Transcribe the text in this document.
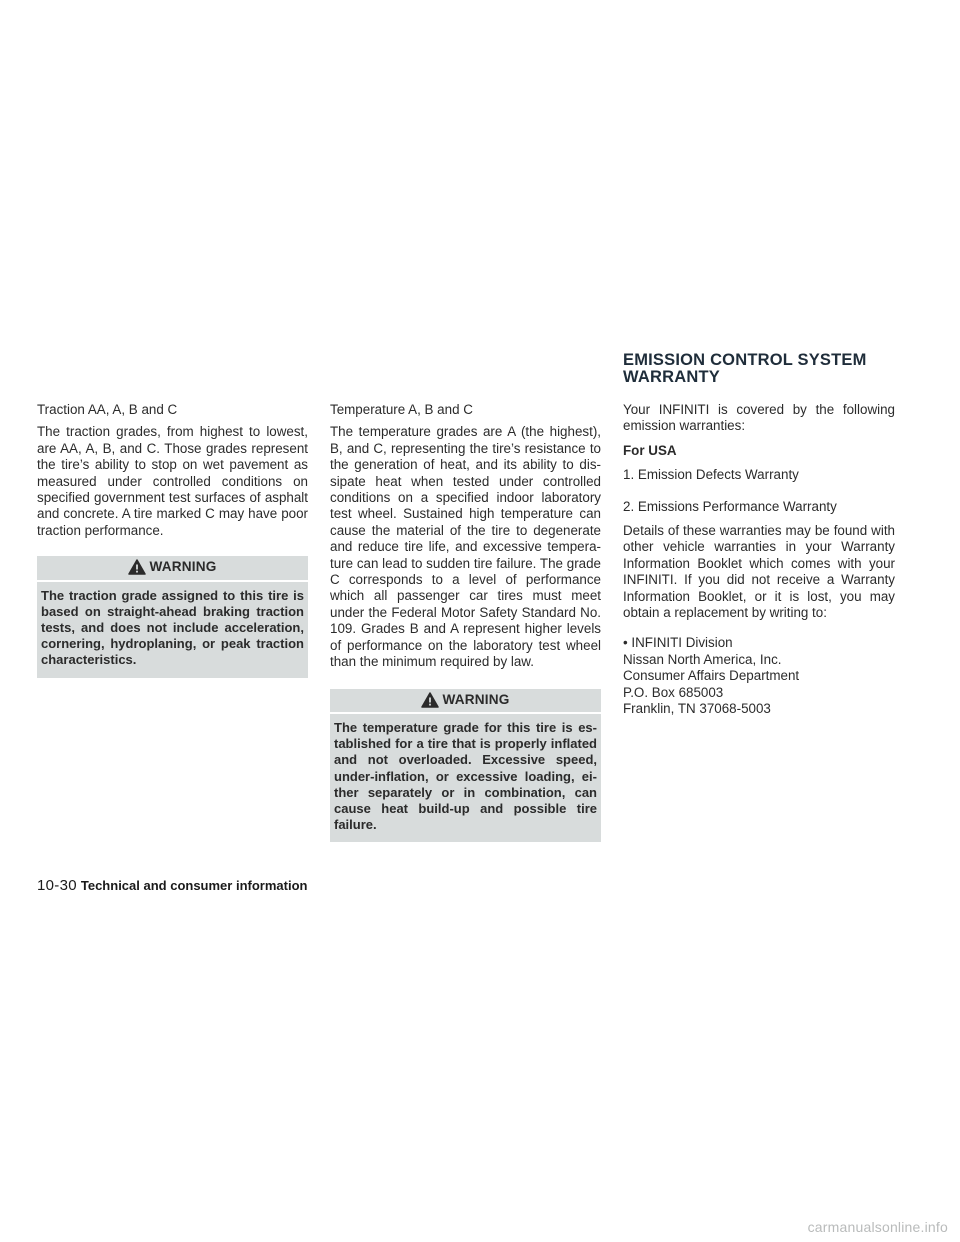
EMISSION CONTROL SYSTEM
WARRANTY

Traction AA, A, B and C

The traction grades, from highest to lowest, are AA, A, B, and C. Those grades represent the tire’s ability to stop on wet pavement as measured under controlled conditions on specified government test surfaces of asphalt and concrete. A tire marked C may have poor traction performance.

WARNING
The traction grade assigned to this tire is based on straight-ahead braking traction tests, and does not include acceleration, cornering, hydroplaning, or peak traction characteristics.

Temperature A, B and C

The temperature grades are A (the highest), B, and C, representing the tire’s resistance to the generation of heat, and its ability to dissipate heat when tested under controlled conditions on a specified indoor laboratory test wheel. Sustained high temperature can cause the material of the tire to degenerate and reduce tire life, and excessive temperature can lead to sudden tire failure. The grade C corresponds to a level of performance which all passenger car tires must meet under the Federal Motor Safety Standard No. 109. Grades B and A represent higher levels of performance on the laboratory test wheel than the minimum required by law.

WARNING
The temperature grade for this tire is established for a tire that is properly inflated and not overloaded. Excessive speed, under-inflation, or excessive loading, either separately or in combination, can cause heat build-up and possible tire failure.

Your INFINITI is covered by the following emission warranties:

For USA

1. Emission Defects Warranty

2. Emissions Performance Warranty

Details of these warranties may be found with other vehicle warranties in your Warranty Information Booklet which comes with your INFINITI. If you did not receive a Warranty Information Booklet, or it is lost, you may obtain a replacement by writing to:

• INFINITI Division

Nissan North America, Inc.

Consumer Affairs Department

P.O. Box 685003

Franklin, TN 37068-5003

10-30 Technical and consumer information
carmanualsonline.info
